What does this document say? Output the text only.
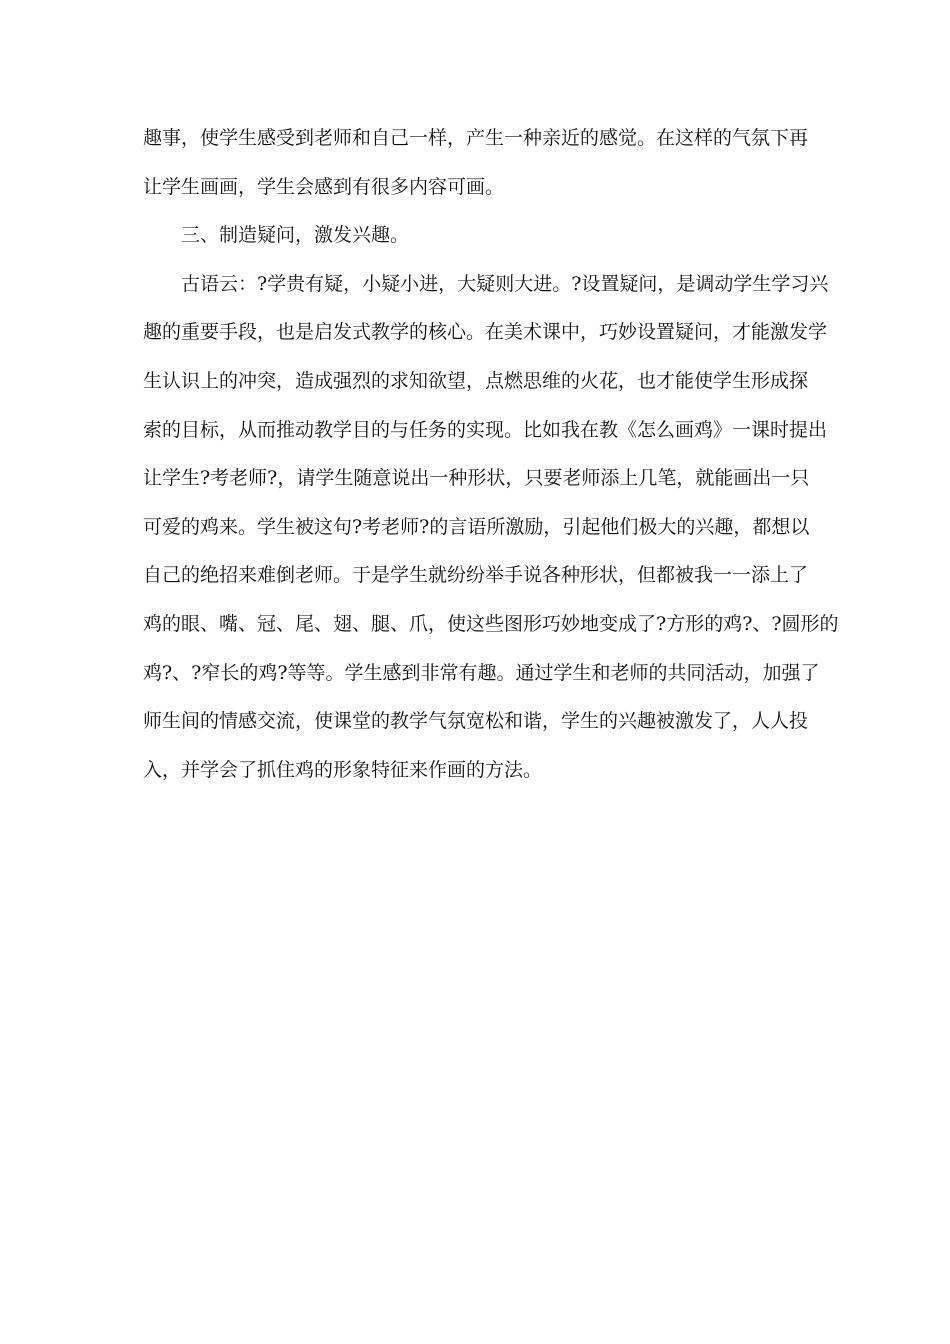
趣事，使学生感受到老师和自己一样，产生一种亲近的感觉。在这样的气氛下再
让学生画画，学生会感到有很多内容可画。
三、制造疑问，激发兴趣。
古语云：?学贵有疑，小疑小进，大疑则大进。?设置疑问，是调动学生学习兴
趣的重要手段，也是启发式教学的核心。在美术课中，巧妙设置疑问，才能激发学
生认识上的冲突，造成强烈的求知欲望，点燃思维的火花，也才能使学生形成探
索的目标，从而推动教学目的与任务的实现。比如我在教《怎么画鸡》一课时提出
让学生?考老师?，请学生随意说出一种形状，只要老师添上几笔，就能画出一只
可爱的鸡来。学生被这句?考老师?的言语所激励，引起他们极大的兴趣，都想以
自己的绝招来难倒老师。于是学生就纷纷举手说各种形状，但都被我一一添上了
鸡的眼、嘴、冠、尾、翅、腿、爪，使这些图形巧妙地变成了?方形的鸡?、?圆形的
鸡?、?窄长的鸡?等等。学生感到非常有趣。通过学生和老师的共同活动，加强了
师生间的情感交流，使课堂的教学气氛宽松和谐，学生的兴趣被激发了，人人投
入，并学会了抓住鸡的形象特征来作画的方法。
